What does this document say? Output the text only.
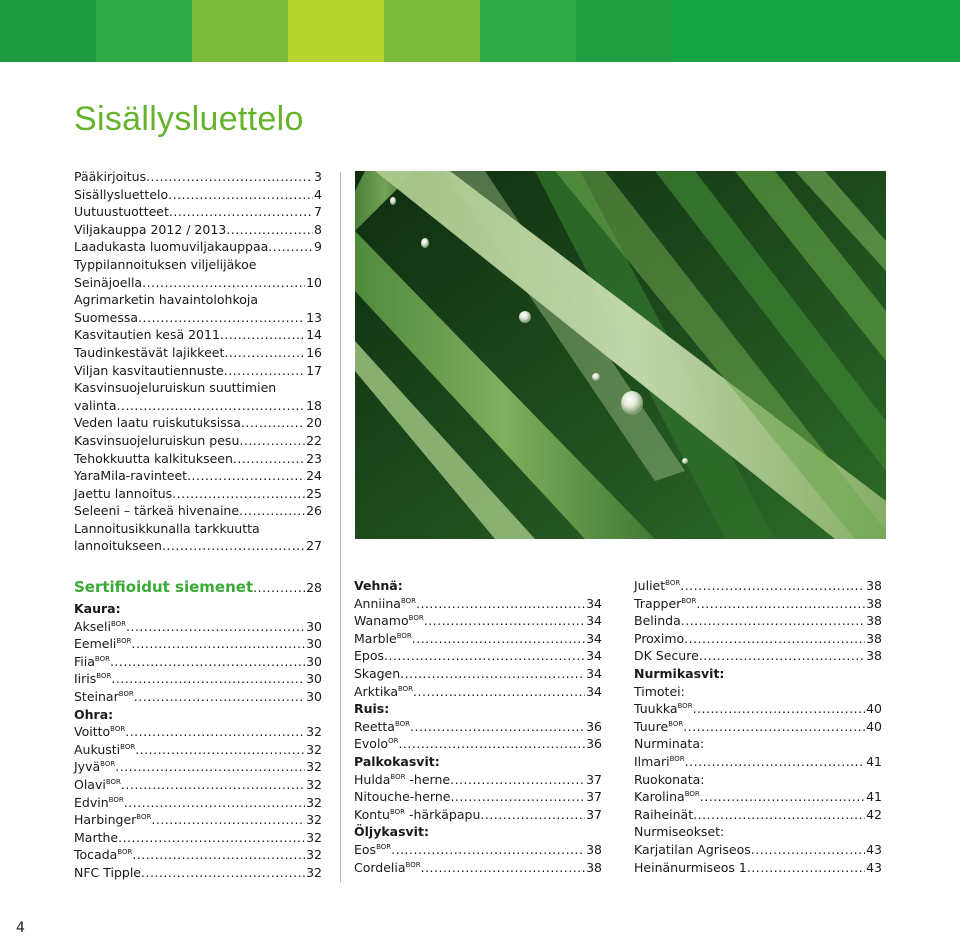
Sisällysluettelo
Pääkirjoitus .....	3
Sisällysluettelo .....	4
Uutuustuotteet .....	7
Viljakauppa 2012 / 2013 .....	8
Laadukasta luomuviljakauppaa .....	9
Typpilannoituksen viljelijäkoe
Seinäjoella .....	10
Agrimarketin havaintolohkoja
Suomessa .....	13
Kasvitautien kesä 2011 .....	14
Taudinkestävät lajikkeet .....	16
Viljan kasvitautiennuste .....	17
Kasvinsuojeluruiskun suuttimien
valinta .....	18
Veden laatu ruiskutuksissa .....	20
Kasvinsuojeluruiskun pesu .....	22
Tehokkuutta kalkitukseen .....	23
YaraMila-ravinteet .....	24
Jaettu lannoitus .....	25
Seleeni – tärkeä hivenaine .....	26
Lannoitusikkunalla tarkkuutta
lannoitukseen .....	27
Sertifioidut siemenet .....	28
Kaura:
Akseli$^{BOR}$ .....	30
Eemeli$^{BOR}$ .....	30
Fiia$^{BOR}$ .....	30
Iiris$^{BOR}$ .....	30
Steinar$^{BOR}$ .....	30
Ohra:
Voitto$^{BOR}$ .....	32
Aukusti$^{BOR}$ .....	32
Jyvä$^{BOR}$ .....	32
Olavi$^{BOR}$ .....	32
Edvin$^{BOR}$ .....	32
Harbinger$^{BOR}$ .....	32
Marthe .....	32
Tocada$^{BOR}$ .....	32
NFC Tipple .....	32
Vehnä:
Anniina$^{BOR}$ .....	34
Wanamo$^{BOR}$ .....	34
Marble$^{BOR}$ .....	34
Epos .....	34
Skagen .....	34
Arktika$^{BOR}$ .....	34
Ruis:
Reetta$^{BOR}$ .....	36
Evolo$^{OR}$ .....	36
Palkokasvit:
Hulda$^{BOR}$ -herne .....	37
Nitouche-herne .....	37
Kontu$^{BOR}$ -härkäpapu .....	37
Öljykasvit:
Eos$^{BOR}$ .....	38
Cordelia$^{BOR}$ .....	38
Juliet$^{BOR}$ .....	38
Trapper$^{BOR}$ .....	38
Belinda .....	38
Proximo .....	38
DK Secure .....	38
Nurmikasvit:
Timotei:
Tuukka$^{BOR}$ .....	40
Tuure$^{BOR}$ .....	40
Nurminata:
Ilmari$^{BOR}$ .....	41
Ruokonata:
Karolina$^{BOR}$ .....	41
Raiheinät .....	42
Nurmiseokset:
Karjatilan Agriseos .....	43
Heinänurmiseos 1 .....	43
4
